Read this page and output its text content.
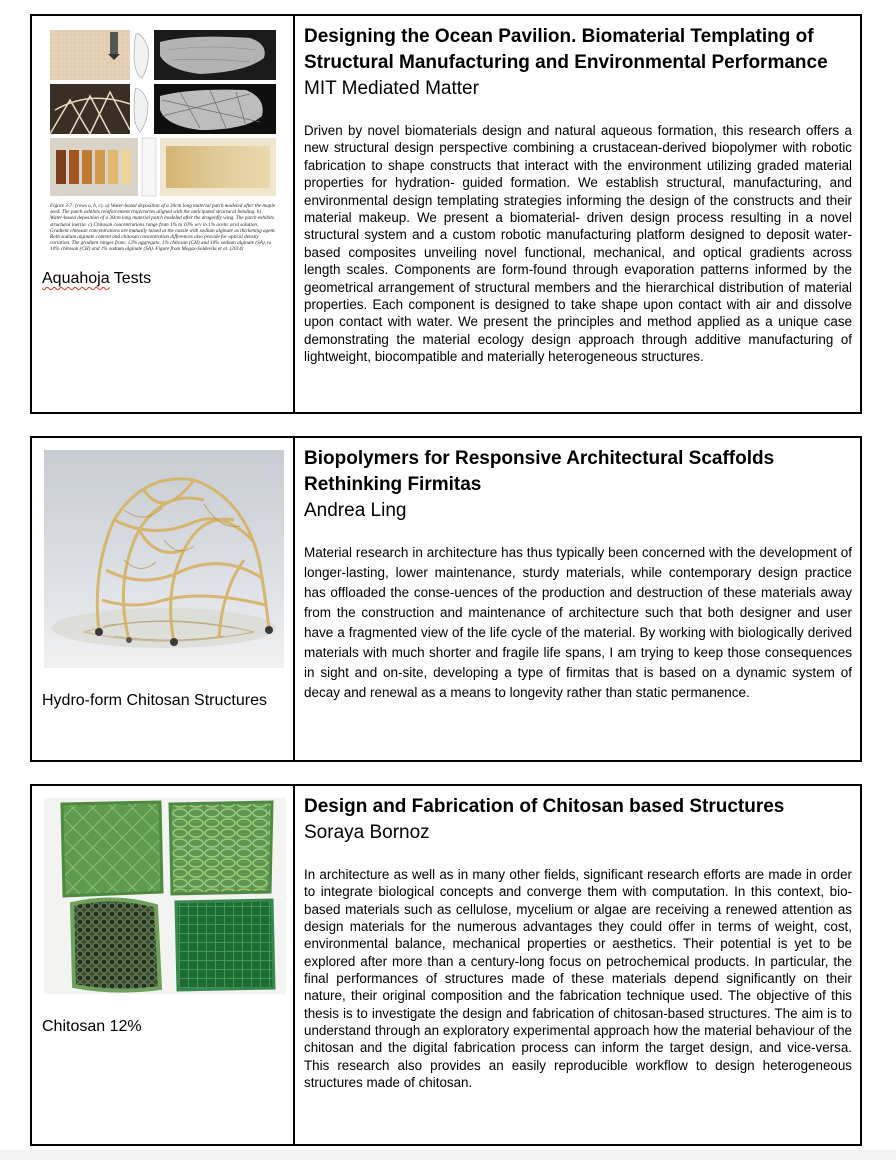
Figure 3-7: (rows a, b, c). a) Water-based deposition of a 30cm long material patch modeled after the maple seed. The patch exhibits reinforcement trajectories aligned with the anticipated structural bending. b) Water-based deposition of a 30cm long material patch modeled after the dragonfly wing. The patch exhibits structural inertia. c) Chitosan concentrations range from 1% to 10% w/v in 1% acetic acid solution. Gradient chitosan concentrations are mutually mixed at the nozzle with sodium alginate as thickening agent. Both sodium alginate content and chitosan concentration differences also provide for optical density variation. The gradient ranges from: 12% aggregate, 1% chitosan (CH) and 10% sodium alginate (SA), to 10% chitosan (CH) and 1% sodium alginate (SA). Figure from Mogas-Soldevila et al. (2014)
Aquahoja Tests
Designing the Ocean Pavilion. Biomaterial Templating of Structural Manufacturing and Environmental Performance
MIT Mediated Matter

Driven by novel biomaterials design and natural aqueous formation, this research offers a new structural design perspective combining a crustacean-derived biopolymer with robotic fabrication to shape constructs that interact with the environment utilizing graded material properties for hydration- guided formation. We establish structural, manufacturing, and environmental design templating strategies informing the design of the constructs and their material makeup. We present a biomaterial- driven design process resulting in a novel structural system and a custom robotic manufacturing platform designed to deposit water-based composites unveiling novel functional, mechanical, and optical gradients across length scales. Components are form-found through evaporation patterns informed by the geometrical arrangement of structural members and the hierarchical distribution of material properties. Each component is designed to take shape upon contact with air and dissolve upon contact with water. We present the principles and method applied as a unique case demonstrating the material ecology design approach through additive manufacturing of lightweight, biocompatible and materially heterogeneous structures.

Hydro-form Chitosan Structures
Biopolymers for Responsive Architectural Scaffolds Rethinking Firmitas
Andrea Ling

Material research in architecture has thus typically been concerned with the development of longer-lasting, lower maintenance, sturdy materials, while contemporary design practice has offloaded the conse-uences of the production and destruction of these materials away from the construction and maintenance of architecture such that both designer and user have a fragmented view of the life cycle of the material. By working with biologically derived materials with much shorter and fragile life spans, I am trying to keep those consequences in sight and on-site, developing a type of firmitas that is based on a dynamic system of decay and renewal as a means to longevity rather than static permanence.

Chitosan 12%
Design and Fabrication of Chitosan based Structures
Soraya Bornoz

In architecture as well as in many other fields, significant research efforts are made in order to integrate biological concepts and converge them with computation. In this context, bio-based materials such as cellulose, mycelium or algae are receiving a renewed attention as design materials for the numerous advantages they could offer in terms of weight, cost, environmental balance, mechanical properties or aesthetics. Their potential is yet to be explored after more than a century-long focus on petrochemical products. In particular, the final performances of structures made of these materials depend significantly on their nature, their original composition and the fabrication technique used. The objective of this thesis is to investigate the design and fabrication of chitosan-based structures. The aim is to understand through an exploratory experimental approach how the material behaviour of the chitosan and the digital fabrication process can inform the target design, and vice-versa. This research also provides an easily reproducible workflow to design heterogeneous structures made of chitosan.
